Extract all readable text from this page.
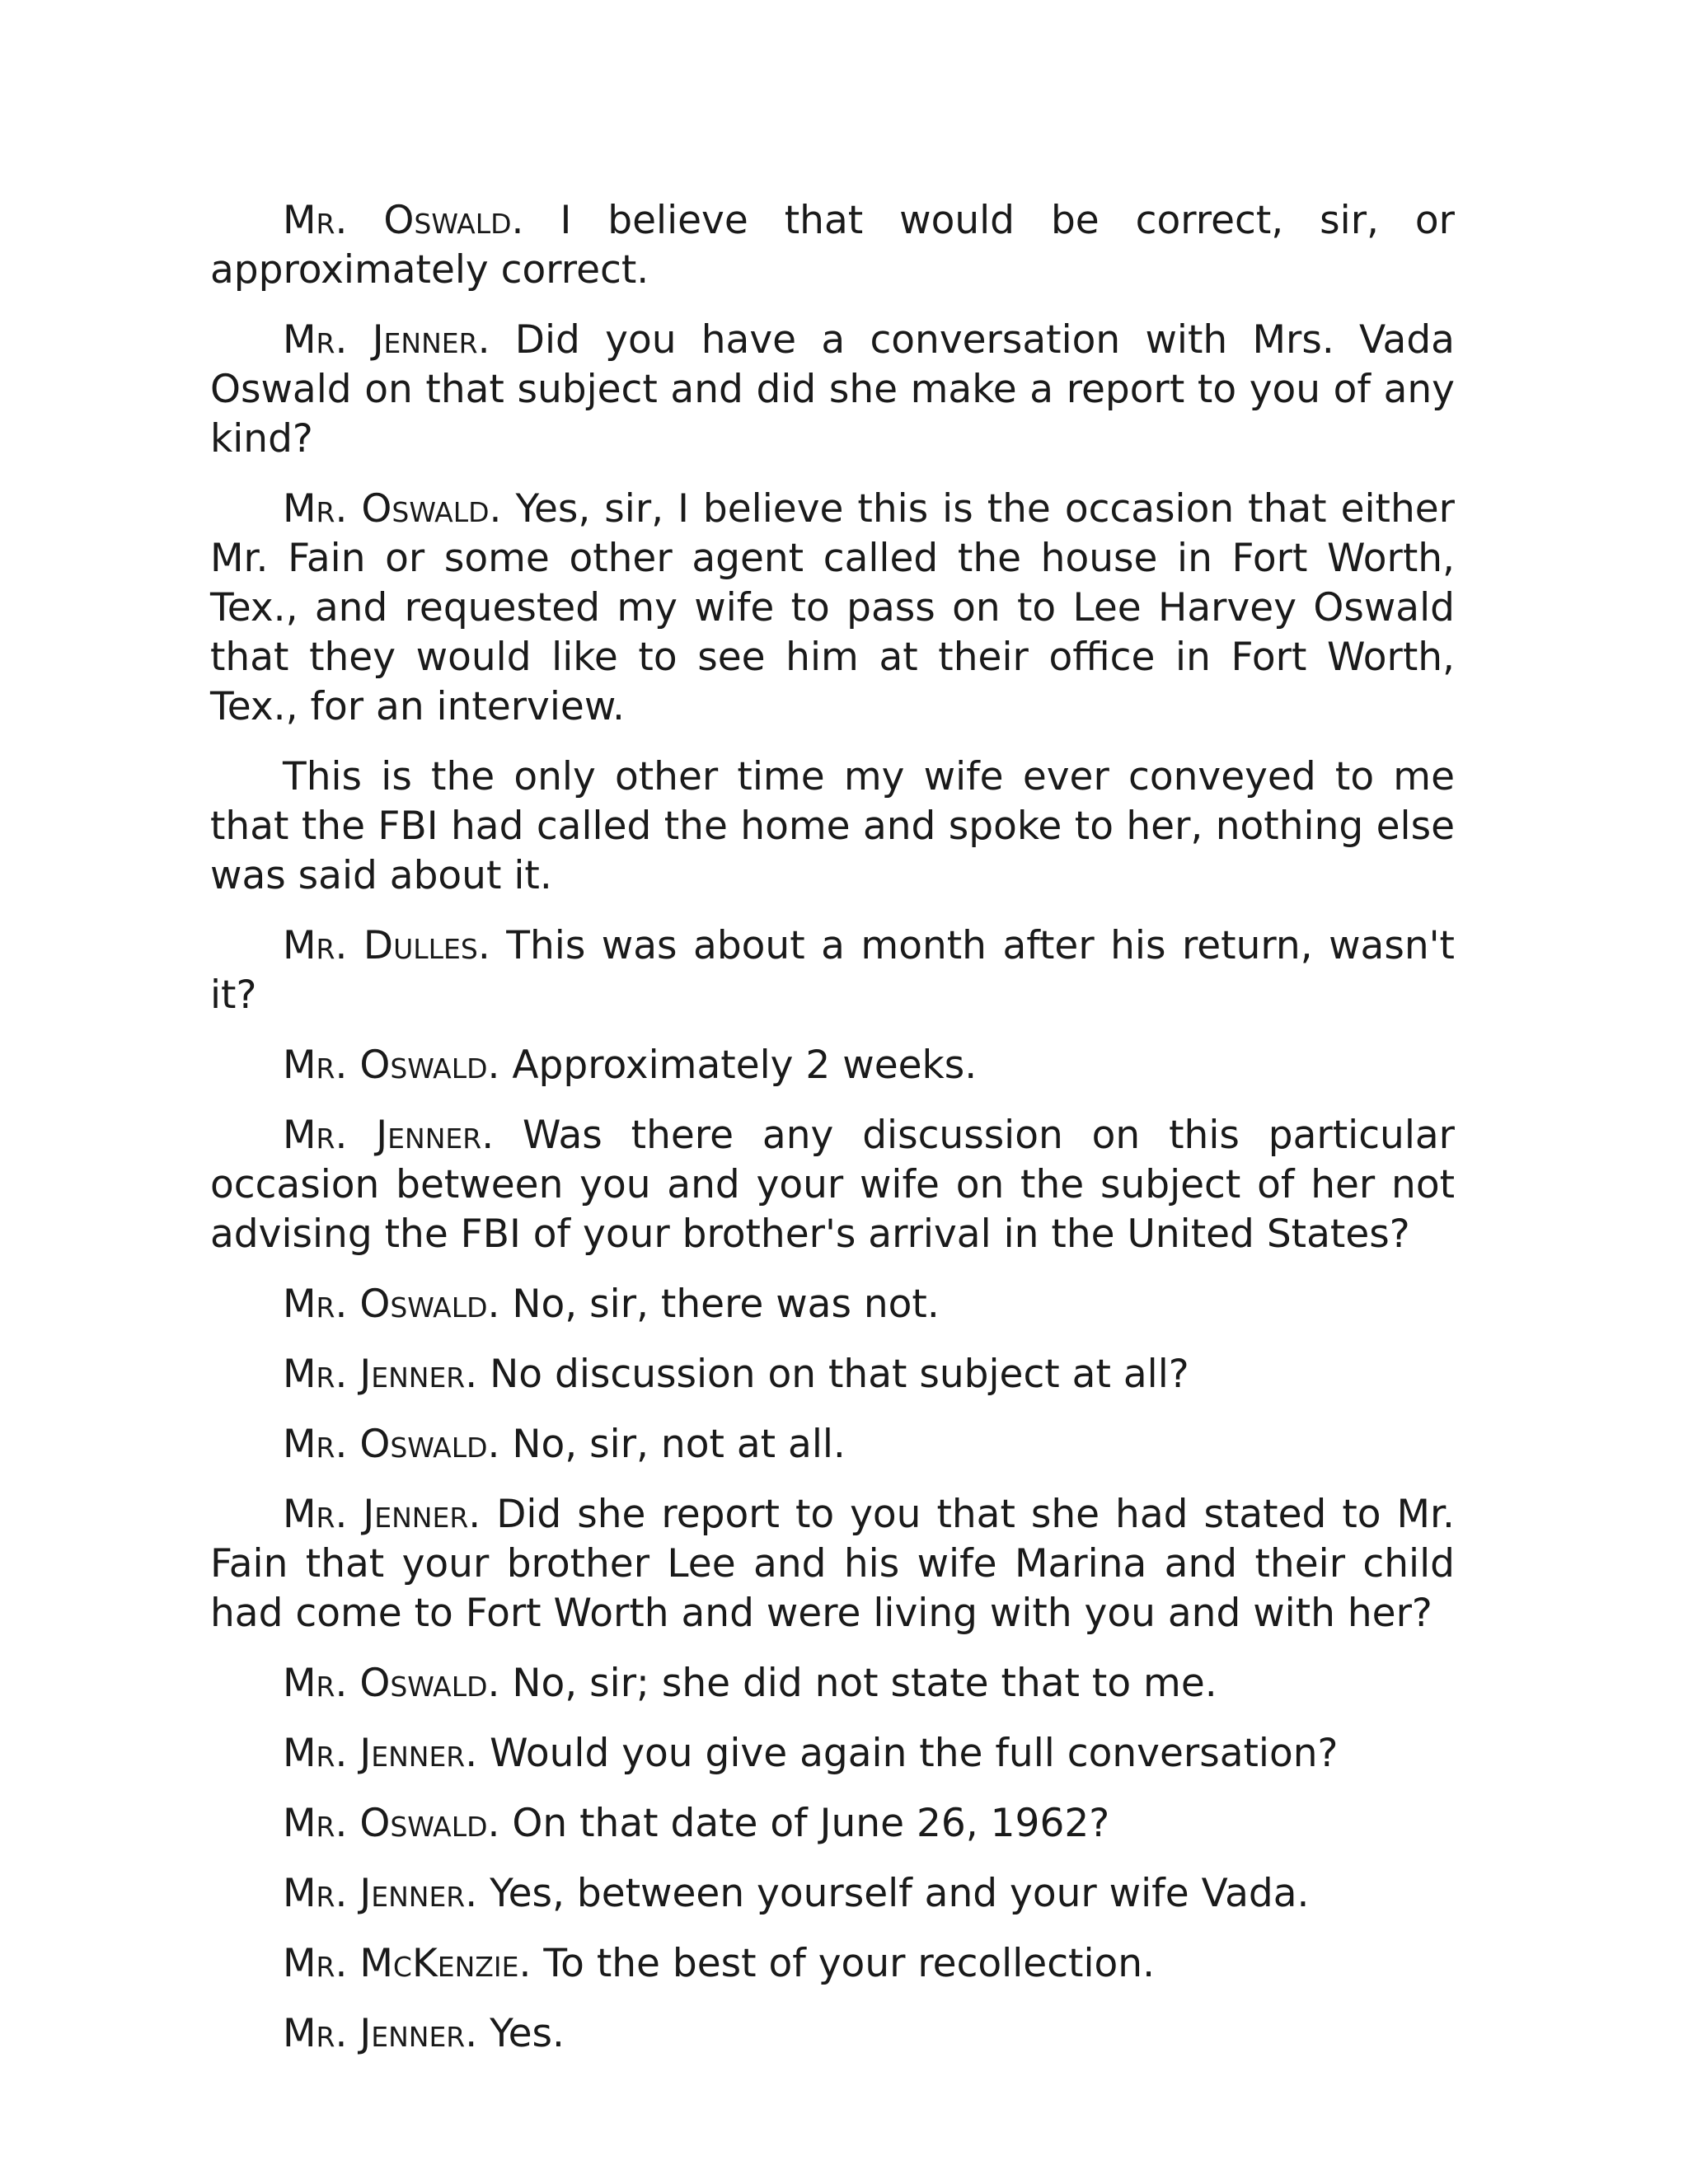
Mr. Oswald. I believe that would be correct, sir, or approximately correct.

Mr. Jenner. Did you have a conversation with Mrs. Vada Oswald on that subject and did she make a report to you of any kind?

Mr. Oswald. Yes, sir, I believe this is the occasion that either Mr. Fain or some other agent called the house in Fort Worth, Tex., and requested my wife to pass on to Lee Harvey Oswald that they would like to see him at their office in Fort Worth, Tex., for an interview.

This is the only other time my wife ever conveyed to me that the FBI had called the home and spoke to her, nothing else was said about it.

Mr. Dulles. This was about a month after his return, wasn't it?

Mr. Oswald. Approximately 2 weeks.

Mr. Jenner. Was there any discussion on this particular occasion between you and your wife on the subject of her not advising the FBI of your brother's arrival in the United States?

Mr. Oswald. No, sir, there was not.

Mr. Jenner. No discussion on that subject at all?

Mr. Oswald. No, sir, not at all.

Mr. Jenner. Did she report to you that she had stated to Mr. Fain that your brother Lee and his wife Marina and their child had come to Fort Worth and were living with you and with her?

Mr. Oswald. No, sir; she did not state that to me.

Mr. Jenner. Would you give again the full conversation?

Mr. Oswald. On that date of June 26, 1962?

Mr. Jenner. Yes, between yourself and your wife Vada.

Mr. McKenzie. To the best of your recollection.

Mr. Jenner. Yes.
